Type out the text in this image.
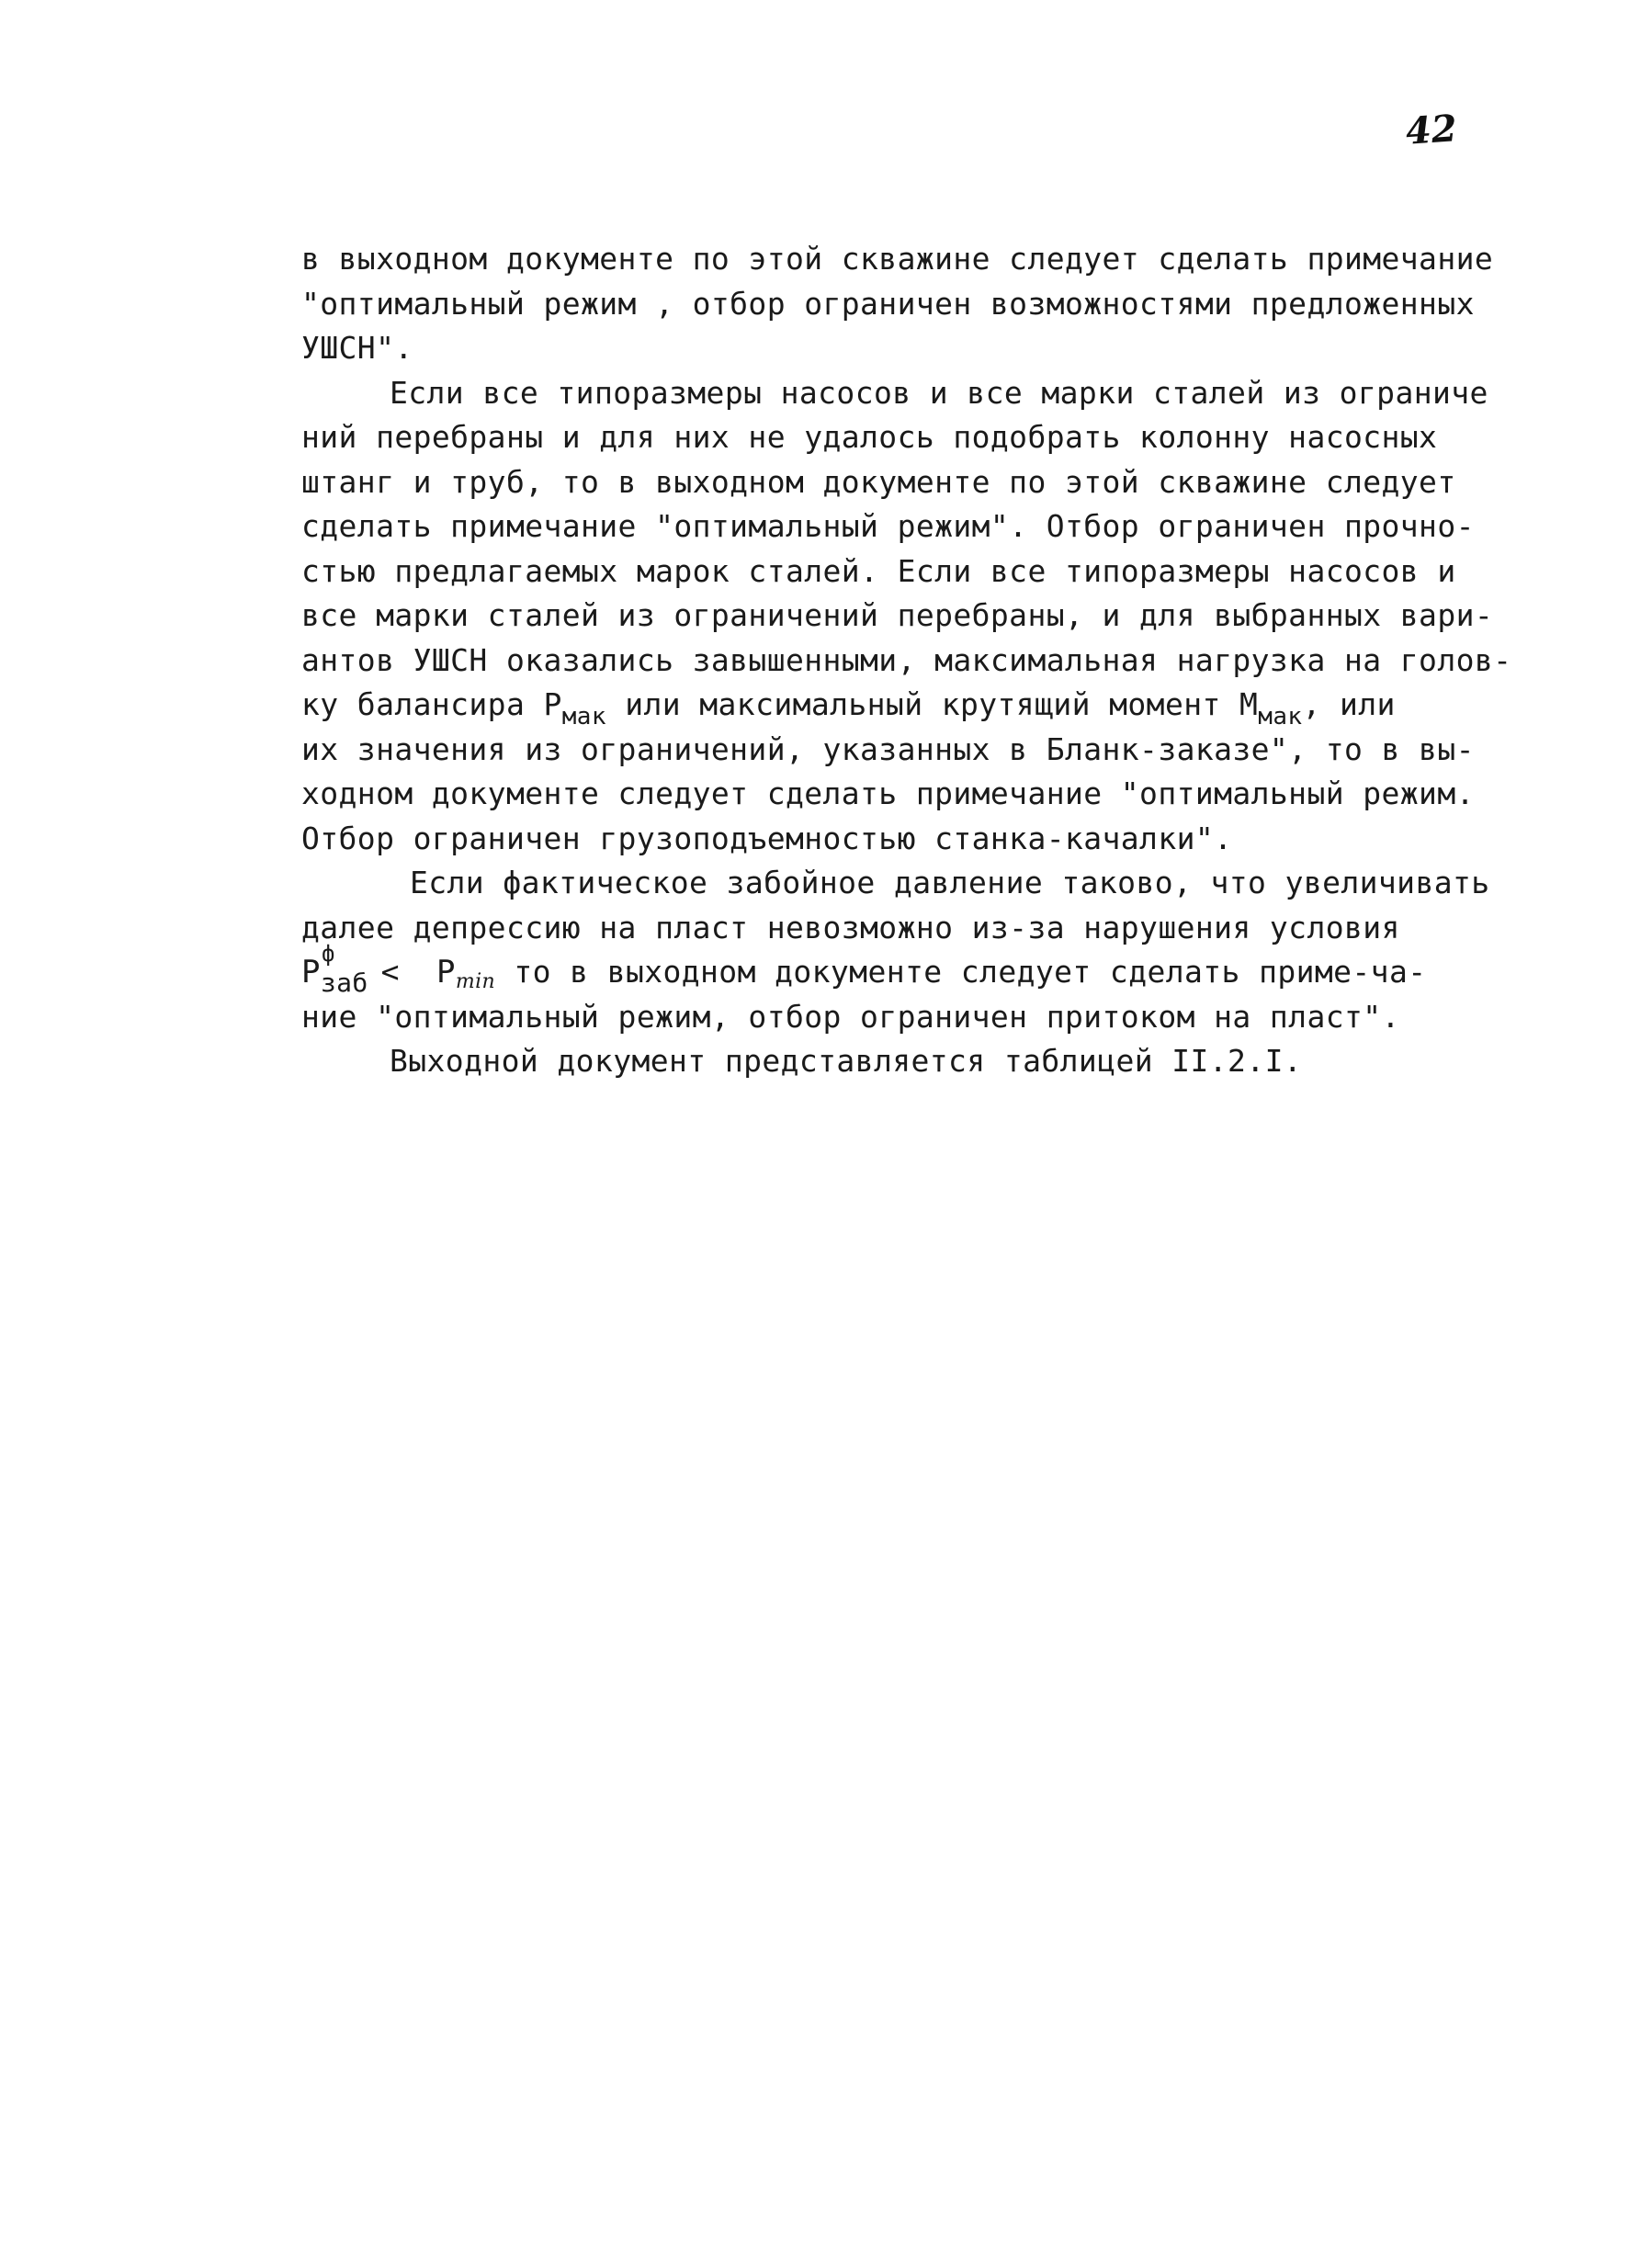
42
в выходном документе по этой скважине следует сделать примечание
"оптимальный режим , отбор ограничен возможностями предложенных
УШСН".
Если все типоразмеры насосов и все марки сталей из ограниче
ний перебраны и для них не удалось подобрать колонну насосных
штанг и труб, то в выходном документе по этой скважине следует
сделать примечание "оптимальный режим". Отбор ограничен прочно-
стью предлагаемых марок сталей. Если все типоразмеры насосов и
все марки сталей из ограничений перебраны, и для выбранных вари-
антов УШСН оказались завышенными, максимальная нагрузка на голов-
ку балансира $P_{мак}$ или максимальный крутящий момент $M_{мак}$, или
их значения из ограничений, указанных в Бланк-заказе", то в вы-
ходном документе следует сделать примечание "оптимальный режим.
Отбор ограничен грузоподъемностью станка-качалки".
Если фактическое забойное давление таково, что увеличивать
далее депрессию на пласт невозможно из-за нарушения условия
P ф
заб < Pmin то в выходном документе следует сделать приме-ча-
ние "оптимальный режим, отбор ограничен притоком на пласт".
Выходной документ представляется таблицей II.2.I.
